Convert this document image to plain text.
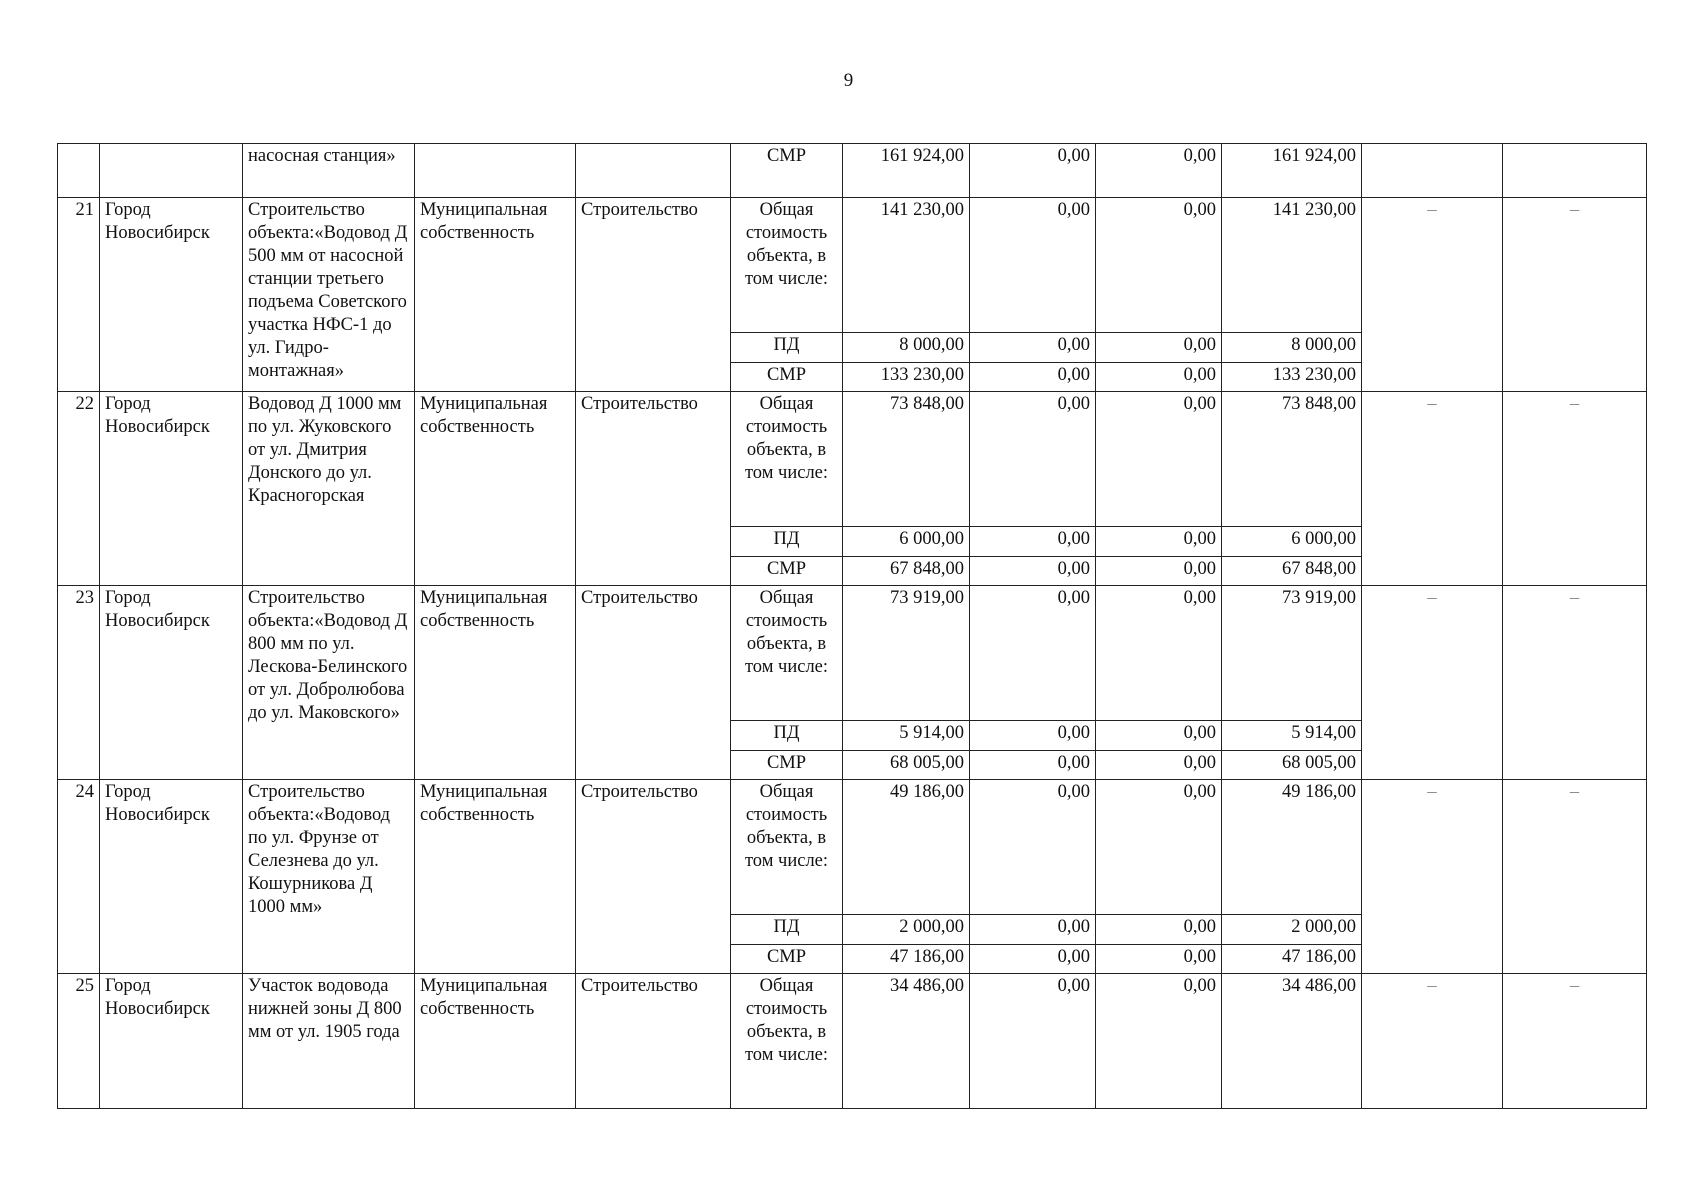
9
		насосная станция»			СМР	161 924,00	0,00	0,00	161 924,00		
21	Город Новосибирск	Строительство объекта:«Водовод Д 500 мм от насосной станции третьего подъема Советского участка НФС-1 до ул. Гидро-монтажная»	Муниципальная собственность	Строительство	Общая стоимость объекта, в том числе:	141 230,00	0,00	0,00	141 230,00	–	–
					ПД	8 000,00	0,00	0,00	8 000,00		
					СМР	133 230,00	0,00	0,00	133 230,00		
22	Город Новосибирск	Водовод Д 1000 мм по ул. Жуковского от ул. Дмитрия Донского до ул. Красногорская	Муниципальная собственность	Строительство	Общая стоимость объекта, в том числе:	73 848,00	0,00	0,00	73 848,00	–	–
					ПД	6 000,00	0,00	0,00	6 000,00		
					СМР	67 848,00	0,00	0,00	67 848,00		
23	Город Новосибирск	Строительство объекта:«Водовод Д 800 мм по ул. Лескова-Белинского от ул. Добролюбова до ул. Маковского»	Муниципальная собственность	Строительство	Общая стоимость объекта, в том числе:	73 919,00	0,00	0,00	73 919,00	–	–
					ПД	5 914,00	0,00	0,00	5 914,00		
					СМР	68 005,00	0,00	0,00	68 005,00		
24	Город Новосибирск	Строительство объекта:«Водовод по ул. Фрунзе от Селезнева до ул. Кошурникова Д 1000 мм»	Муниципальная собственность	Строительство	Общая стоимость объекта, в том числе:	49 186,00	0,00	0,00	49 186,00	–	–
					ПД	2 000,00	0,00	0,00	2 000,00		
					СМР	47 186,00	0,00	0,00	47 186,00		
25	Город Новосибирск	Участок водовода нижней зоны Д 800 мм от ул. 1905 года	Муниципальная собственность	Строительство	Общая стоимость объекта, в том числе:	34 486,00	0,00	0,00	34 486,00	–	–
